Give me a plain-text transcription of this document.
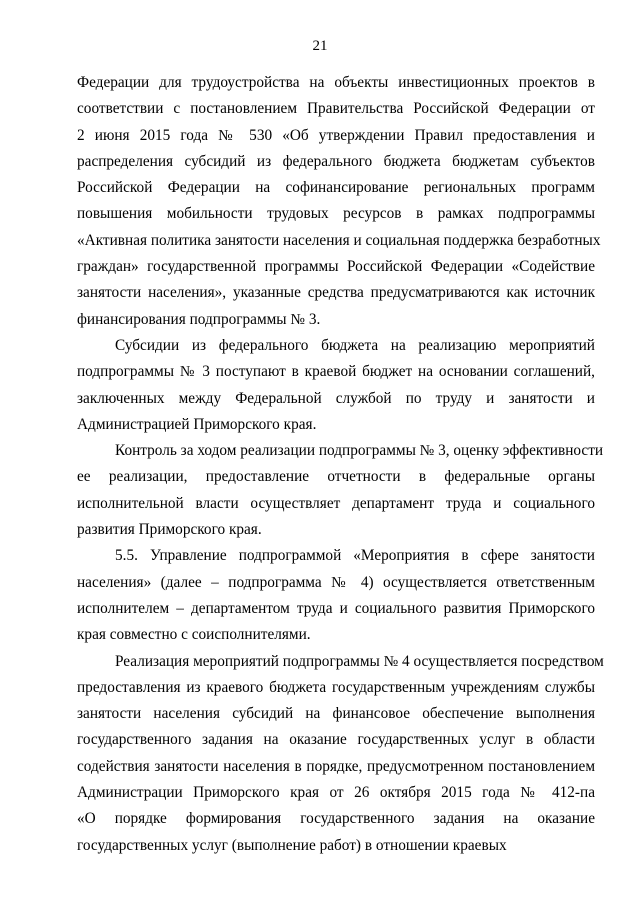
21
Федерации для трудоустройства на объекты инвестиционных проектов в
соответствии с постановлением Правительства Российской Федерации от
2 июня 2015 года № 530 «Об утверждении Правил предоставления и
распределения субсидий из федерального бюджета бюджетам субъектов
Российской Федерации на софинансирование региональных программ
повышения мобильности трудовых ресурсов в рамках подпрограммы
«Активная политика занятости населения и социальная поддержка безработных
граждан» государственной программы Российской Федерации «Содействие
занятости населения», указанные средства предусматриваются как источник
финансирования подпрограммы № 3.
Субсидии из федерального бюджета на реализацию мероприятий
подпрограммы № 3 поступают в краевой бюджет на основании соглашений,
заключенных между Федеральной службой по труду и занятости и
Администрацией Приморского края.
Контроль за ходом реализации подпрограммы № 3, оценку эффективности
ее реализации, предоставление отчетности в федеральные органы
исполнительной власти осуществляет департамент труда и социального
развития Приморского края.
5.5. Управление подпрограммой «Мероприятия в сфере занятости
населения» (далее – подпрограмма № 4) осуществляется ответственным
исполнителем – департаментом труда и социального развития Приморского
края совместно с соисполнителями.
Реализация мероприятий подпрограммы № 4 осуществляется посредством
предоставления из краевого бюджета государственным учреждениям службы
занятости населения субсидий на финансовое обеспечение выполнения
государственного задания на оказание государственных услуг в области
содействия занятости населения в порядке, предусмотренном постановлением
Администрации Приморского края от 26 октября 2015 года № 412-па
«О порядке формирования государственного задания на оказание
государственных услуг (выполнение работ) в отношении краевых
